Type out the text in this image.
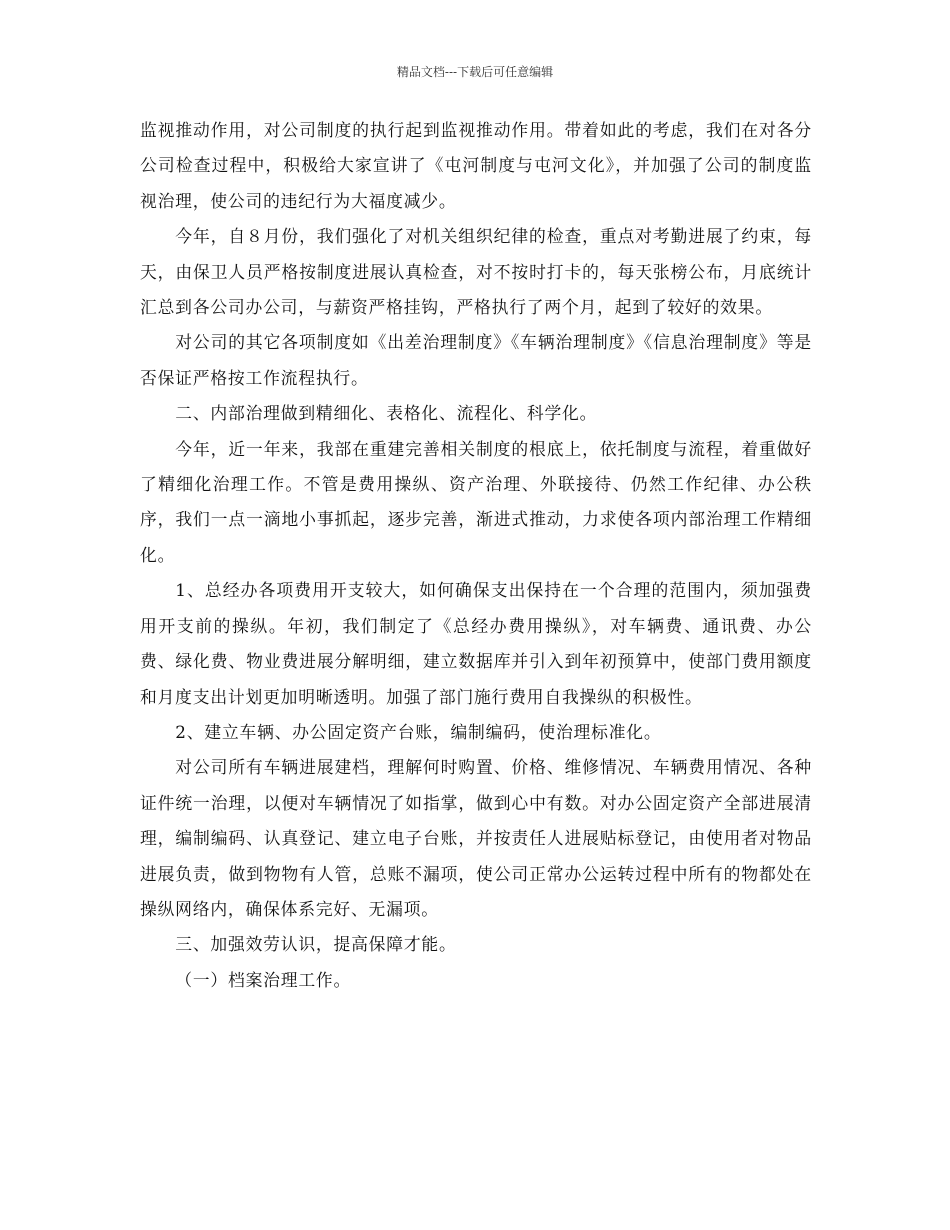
精品文档---下载后可任意编辑

监视推动作用，对公司制度的执行起到监视推动作用。带着如此的考虑，我们在对各分公司检查过程中，积极给大家宣讲了《屯河制度与屯河文化》，并加强了公司的制度监视治理，使公司的违纪行为大福度减少。

今年，自８月份，我们强化了对机关组织纪律的检查，重点对考勤进展了约束，每天，由保卫人员严格按制度进展认真检查，对不按时打卡的，每天张榜公布，月底统计汇总到各公司办公司，与薪资严格挂钩，严格执行了两个月，起到了较好的效果。

对公司的其它各项制度如《出差治理制度》《车辆治理制度》《信息治理制度》等是否保证严格按工作流程执行。

二、内部治理做到精细化、表格化、流程化、科学化。

今年，近一年来，我部在重建完善相关制度的根底上，依托制度与流程，着重做好了精细化治理工作。不管是费用操纵、资产治理、外联接待、仍然工作纪律、办公秩序，我们一点一滴地小事抓起，逐步完善，渐进式推动，力求使各项内部治理工作精细化。

1、总经办各项费用开支较大，如何确保支出保持在一个合理的范围内，须加强费用开支前的操纵。年初，我们制定了《总经办费用操纵》，对车辆费、通讯费、办公费、绿化费、物业费进展分解明细，建立数据库并引入到年初预算中，使部门费用额度和月度支出计划更加明晰透明。加强了部门施行费用自我操纵的积极性。

2、建立车辆、办公固定资产台账，编制编码，使治理标准化。

对公司所有车辆进展建档，理解何时购置、价格、维修情况、车辆费用情况、各种证件统一治理，以便对车辆情况了如指掌，做到心中有数。对办公固定资产全部进展清理，编制编码、认真登记、建立电子台账，并按责任人进展贴标登记，由使用者对物品进展负责，做到物物有人管，总账不漏项，使公司正常办公运转过程中所有的物都处在操纵网络内，确保体系完好、无漏项。

三、加强效劳认识，提高保障才能。

（一）档案治理工作。
